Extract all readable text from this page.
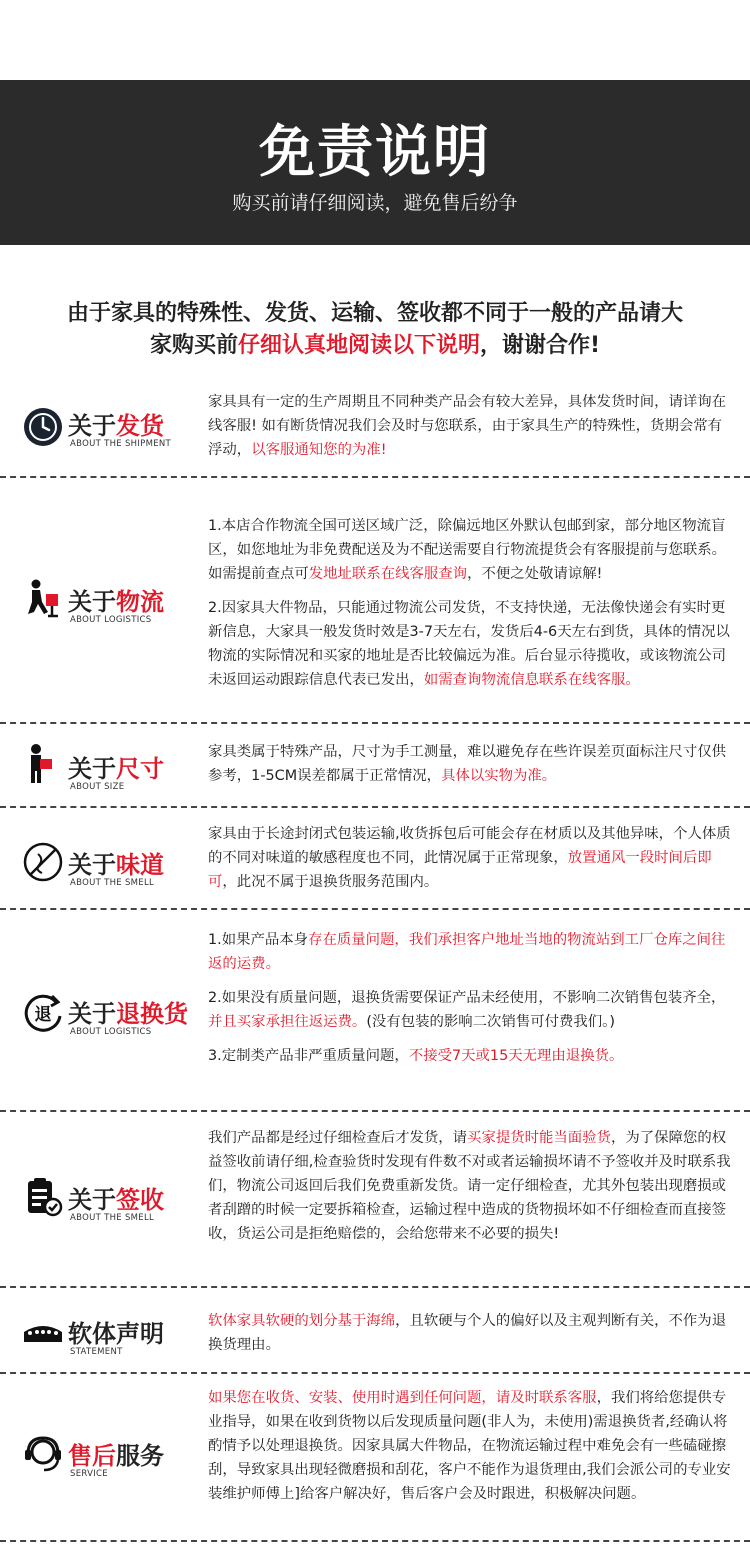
免责说明
购买前请仔细阅读，避免售后纷争
由于家具的特殊性、发货、运输、签收都不同于一般的产品请大
家购买前仔细认真地阅读以下说明，谢谢合作!
关于发货
ABOUT THE SHIPMENT

家具具有一定的生产周期且不同种类产品会有较大差异，具体发货时间，请详询在线客服! 如有断货情况我们会及时与您联系，由于家具生产的特殊性，货期会常有浮动，以客服通知您的为准!

关于物流
ABOUT LOGISTICS

1.本店合作物流全国可送区域广泛，除偏远地区外默认包邮到家，部分地区物流盲区，如您地址为非免费配送及为不配送需要自行物流提货会有客服提前与您联系。如需提前查点可发地址联系在线客服查询，不便之处敬请谅解!

2.因家具大件物品，只能通过物流公司发货，不支持快递，无法像快递会有实时更新信息，大家具一般发货时效是3-7天左右，发货后4-6天左右到货，具体的情况以物流的实际情况和买家的地址是否比较偏远为准。后台显示待揽收，或该物流公司未返回运动跟踪信息代表已发出，如需查询物流信息联系在线客服。

关于尺寸
ABOUT SIZE

家具类属于特殊产品，尺寸为手工测量，难以避免存在些许误差页面标注尺寸仅供参考，1-5CM误差都属于正常情况，具体以实物为准。

关于味道
ABOUT THE SMELL

家具由于长途封闭式包装运输,收货拆包后可能会存在材质以及其他异味，个人体质的不同对味道的敏感程度也不同，此情况属于正常现象，放置通风一段时间后即可，此况不属于退换货服务范围内。

退 关于退换货
ABOUT LOGISTICS

1.如果产品本身存在质量问题，我们承担客户地址当地的物流站到工厂仓库之间往返的运费。

2.如果没有质量问题，退换货需要保证产品未经使用，不影响二次销售包装齐全，并且买家承担往返运费。(没有包装的影响二次销售可付费我们。)

3.定制类产品非严重质量问题，不接受7天或15天无理由退换货。

关于签收
ABOUT THE SMELL

我们产品都是经过仔细检查后才发货，请买家提货时能当面验货，为了保障您的权益签收前请仔细,检查验货时发现有件数不对或者运输损坏请不予签收并及时联系我们，物流公司返回后我们免费重新发货。请一定仔细检查，尤其外包装出现磨损或者刮蹭的时候一定要拆箱检查，运输过程中造成的货物损坏如不仔细检查而直接签收，货运公司是拒绝赔偿的，会给您带来不必要的损失!

软体声明
STATEMENT

软体家具软硬的划分基于海绵，且软硬与个人的偏好以及主观判断有关，不作为退换货理由。

售后服务
SERVICE

如果您在收货、安装、使用时遇到任何问题，请及时联系客服，我们将给您提供专业指导，如果在收到货物以后发现质量问题(非人为，未使用)需退换货者,经确认将酌情予以处理退换货。因家具属大件物品，在物流运输过程中难免会有一些磕碰擦刮，导致家具出现轻微磨损和刮花，客户不能作为退货理由,我们会派公司的专业安装维护师傅上]给客户解决好，售后客户会及时跟进，积极解决问题。
